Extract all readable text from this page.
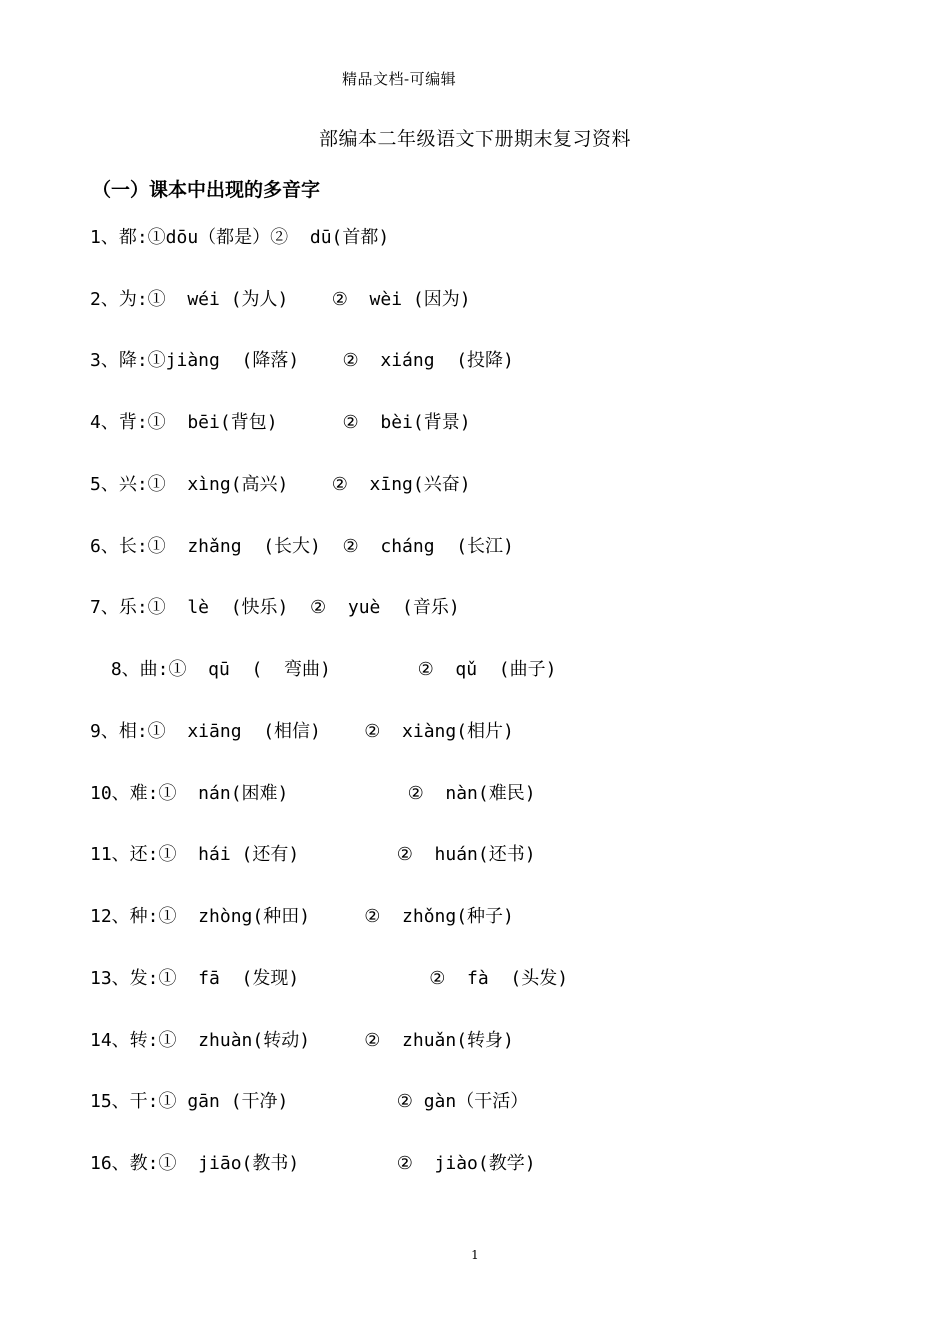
精品文档-可编辑
部编本二年级语文下册期末复习资料
（一）课本中出现的多音字
1、都:①dōu（都是）②  dū(首都)
2、为:①  wéi (为人)    ②  wèi (因为)
3、降:①jiàng  (降落)    ②  xiáng  (投降)
4、背:①  bēi(背包)      ②  bèi(背景)
5、兴:①  xìng(高兴)    ②  xīng(兴奋)
6、长:①  zhǎng  (长大)  ②  cháng  (长江)
7、乐:①  lè  (快乐)  ②  yuè  (音乐)
8、曲:①  qū  (  弯曲)        ②  qǔ  (曲子)
9、相:①  xiāng  (相信)    ②  xiàng(相片)
10、难:①  nán(困难)           ②  nàn(难民)
11、还:①  hái (还有)         ②  huán(还书)
12、种:①  zhòng(种田)     ②  zhǒng(种子)
13、发:①  fā  (发现)            ②  fà  (头发)
14、转:①  zhuàn(转动)     ②  zhuǎn(转身)
15、干:① gān (干净)          ② gàn（干活）
16、教:①  jiāo(教书)         ②  jiào(教学)
1
